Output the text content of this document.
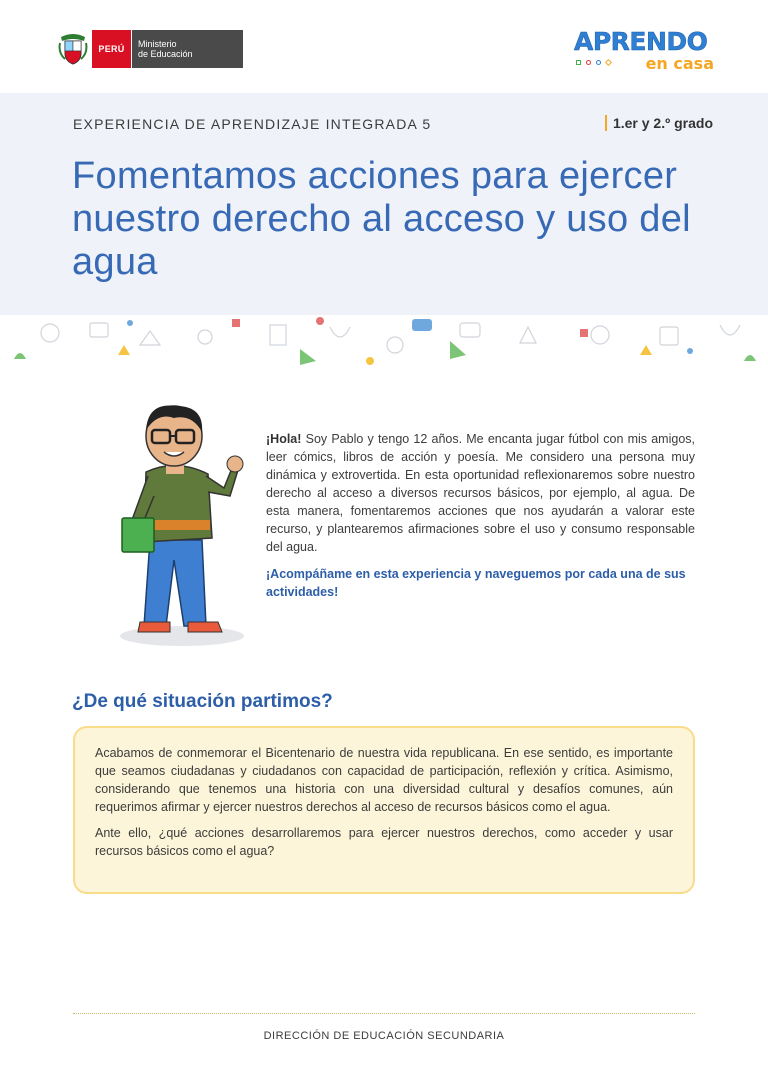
PERÚ	Ministerio
de Educación	APRENDO
en casa
EXPERIENCIA DE APRENDIZAJE INTEGRADA 5	1.er y 2.º grado
Fomentamos acciones para ejercer nuestro derecho al acceso y uso del agua
¡Hola! Soy Pablo y tengo 12 años. Me encanta jugar fútbol con mis amigos, leer cómics, libros de acción y poesía. Me considero una persona muy dinámica y extrovertida. En esta oportunidad reflexionaremos sobre nuestro derecho al acceso a diversos recursos básicos, por ejemplo, al agua. De esta manera, fomentaremos acciones que nos ayudarán a valorar este recurso, y plantearemos afirmaciones sobre el uso y consumo responsable del agua.
¡Acompáñame en esta experiencia y naveguemos por cada una de sus actividades!
¿De qué situación partimos?

Acabamos de conmemorar el Bicentenario de nuestra vida republicana. En ese sentido, es importante que seamos ciudadanas y ciudadanos con capacidad de participación, reflexión y crítica. Asimismo, considerando que tenemos una historia con una diversidad cultural y desafíos comunes, aún requerimos afirmar y ejercer nuestros derechos al acceso de recursos básicos como el agua.

Ante ello, ¿qué acciones desarrollaremos para ejercer nuestros derechos, como acceder y usar recursos básicos como el agua?

DIRECCIÓN DE EDUCACIÓN SECUNDARIA
